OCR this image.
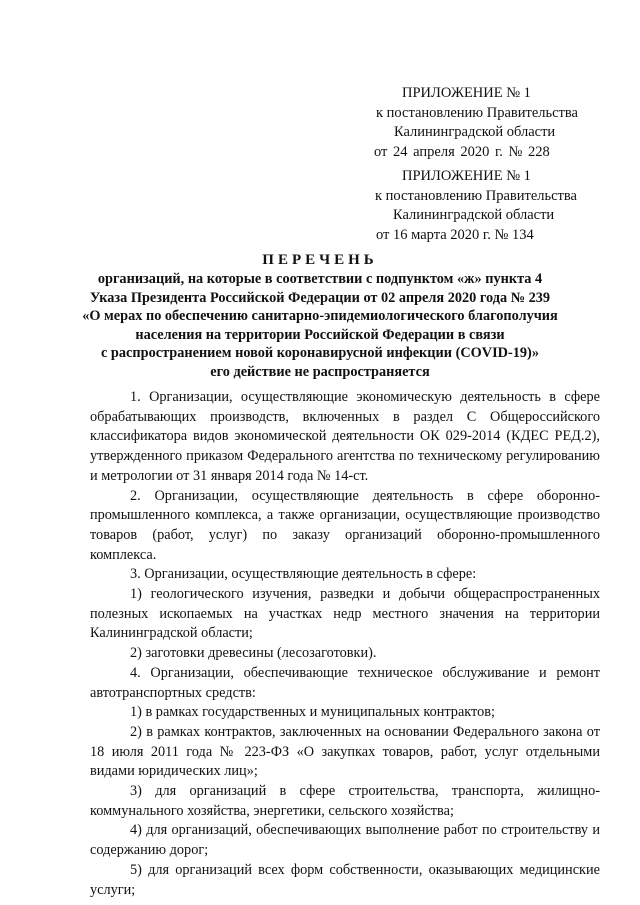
ПРИЛОЖЕНИЕ № 1
к постановлению Правительства
Калининградской области
от 24 апреля 2020 г. № 228
ПРИЛОЖЕНИЕ № 1
к постановлению Правительства
Калининградской области
от 16 марта 2020 г. № 134
ПЕРЕЧЕНЬ
организаций, на которые в соответствии с подпунктом «ж» пункта 4
Указа Президента Российской Федерации от 02 апреля 2020 года № 239
«О мерах по обеспечению санитарно-эпидемиологического благополучия
населения на территории Российской Федерации в связи
с распространением новой коронавирусной инфекции (COVID-19)»
его действие не распространяется

1. Организации, осуществляющие экономическую деятельность в сфере обрабатывающих производств, включенных в раздел С Общероссийского классификатора видов экономической деятельности ОК 029-2014 (КДЕС РЕД.2), утвержденного приказом Федерального агентства по техническому регулированию и метрологии от 31 января 2014 года № 14-ст.

2. Организации, осуществляющие деятельность в сфере оборонно-промышленного комплекса, а также организации, осуществляющие производство товаров (работ, услуг) по заказу организаций оборонно-промышленного комплекса.

3. Организации, осуществляющие деятельность в сфере:

1) геологического изучения, разведки и добычи общераспространенных полезных ископаемых на участках недр местного значения на территории Калининградской области;

2) заготовки древесины (лесозаготовки).

4. Организации, обеспечивающие техническое обслуживание и ремонт автотранспортных средств:

1) в рамках государственных и муниципальных контрактов;

2) в рамках контрактов, заключенных на основании Федерального закона от 18 июля 2011 года № 223-ФЗ «О закупках товаров, работ, услуг отдельными видами юридических лиц»;

3) для организаций в сфере строительства, транспорта, жилищно-коммунального хозяйства, энергетики, сельского хозяйства;

4) для организаций, обеспечивающих выполнение работ по строительству и содержанию дорог;

5) для организаций всех форм собственности, оказывающих медицинские услуги;
